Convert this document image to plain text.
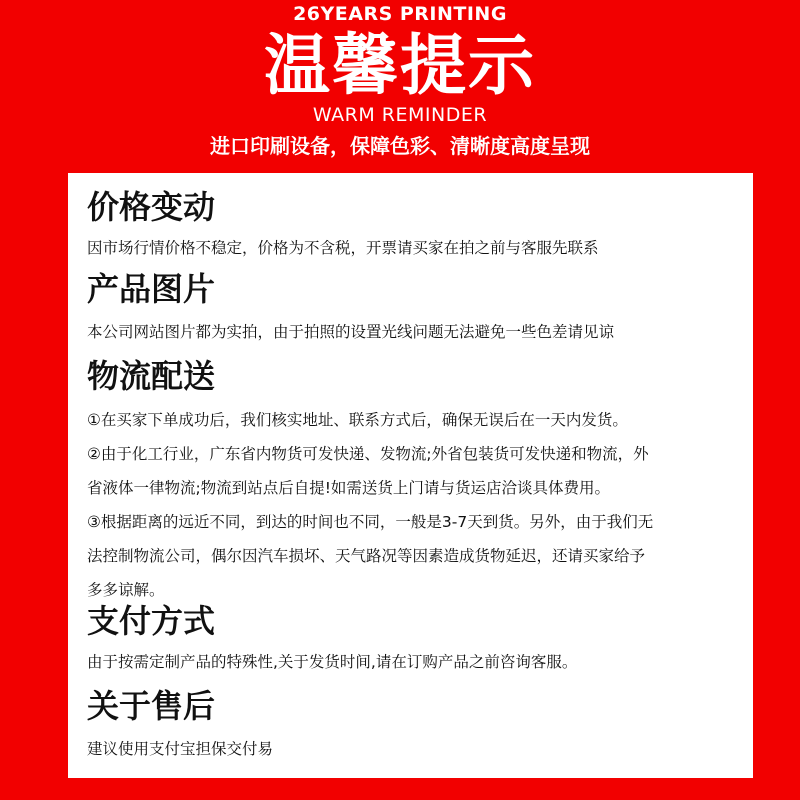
26YEARS PRINTING
温馨提示
WARM REMINDER
进口印刷设备，保障色彩、清晰度高度呈现
价格变动

因市场行情价格不稳定，价格为不含税，开票请买家在拍之前与客服先联系

产品图片

本公司网站图片都为实拍，由于拍照的设置光线问题无法避免一些色差请见谅

物流配送

①在买家下单成功后，我们核实地址、联系方式后，确保无误后在一天内发货。

②由于化工行业，广东省内物货可发快递、发物流;外省包装货可发快递和物流，外

省液体一律物流;物流到站点后自提!如需送货上门请与货运店洽谈具体费用。

③根据距离的远近不同，到达的时间也不同，一般是3-7天到货。另外，由于我们无

法控制物流公司，偶尔因汽车损坏、天气路况等因素造成货物延迟，还请买家给予

多多谅解。

支付方式

由于按需定制产品的特殊性,关于发货时间,请在订购产品之前咨询客服。

关于售后

建议使用支付宝担保交付易
